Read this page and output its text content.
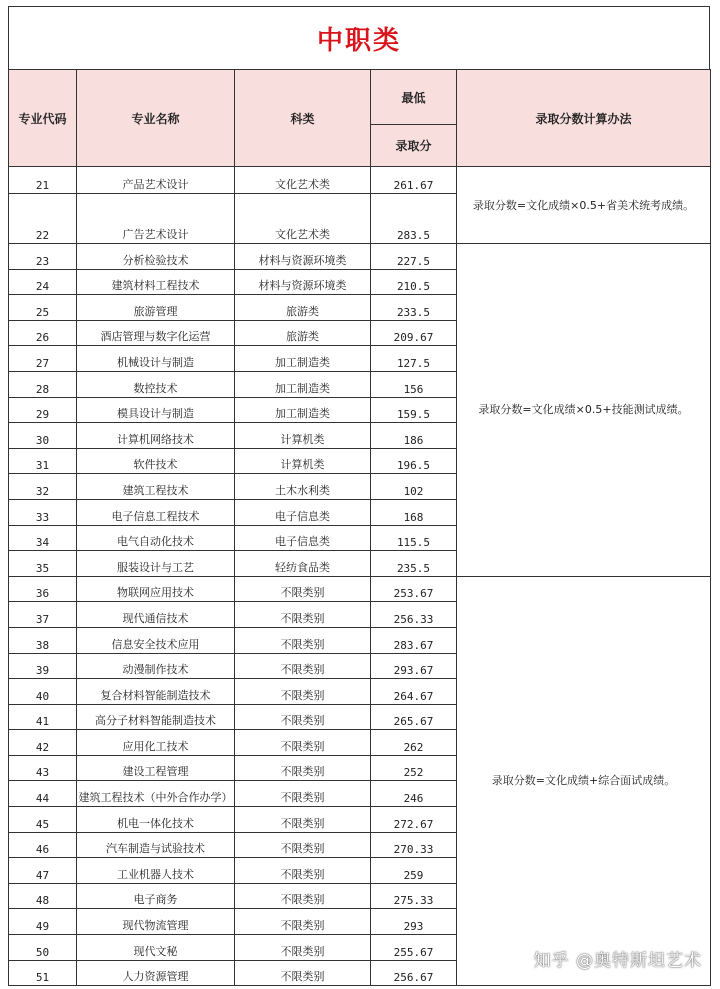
中职类
专业代码	专业名称	科类	最低	录取分数计算办法
			录取分	
21	产品艺术设计	文化艺术类	261.67	录取分数=文化成绩×0.5+省美术统考成绩。
22	广告艺术设计	文化艺术类	283.5	
23	分析检验技术	材料与资源环境类	227.5	录取分数=文化成绩×0.5+技能测试成绩。
24	建筑材料工程技术	材料与资源环境类	210.5	
25	旅游管理	旅游类	233.5	
26	酒店管理与数字化运营	旅游类	209.67	
27	机械设计与制造	加工制造类	127.5	
28	数控技术	加工制造类	156	
29	模具设计与制造	加工制造类	159.5	
30	计算机网络技术	计算机类	186	
31	软件技术	计算机类	196.5	
32	建筑工程技术	土木水利类	102	
33	电子信息工程技术	电子信息类	168	
34	电气自动化技术	电子信息类	115.5	
35	服装设计与工艺	轻纺食品类	235.5	
36	物联网应用技术	不限类别	253.67	录取分数=文化成绩+综合面试成绩。
37	现代通信技术	不限类别	256.33	
38	信息安全技术应用	不限类别	283.67	
39	动漫制作技术	不限类别	293.67	
40	复合材料智能制造技术	不限类别	264.67	
41	高分子材料智能制造技术	不限类别	265.67	
42	应用化工技术	不限类别	262	
43	建设工程管理	不限类别	252	
44	建筑工程技术（中外合作办学）	不限类别	246	
45	机电一体化技术	不限类别	272.67	
46	汽车制造与试验技术	不限类别	270.33	
47	工业机器人技术	不限类别	259	
48	电子商务	不限类别	275.33	
49	现代物流管理	不限类别	293	
50	现代文秘	不限类别	255.67	
51	人力资源管理	不限类别	256.67	
知乎 @奥特斯坦艺术
